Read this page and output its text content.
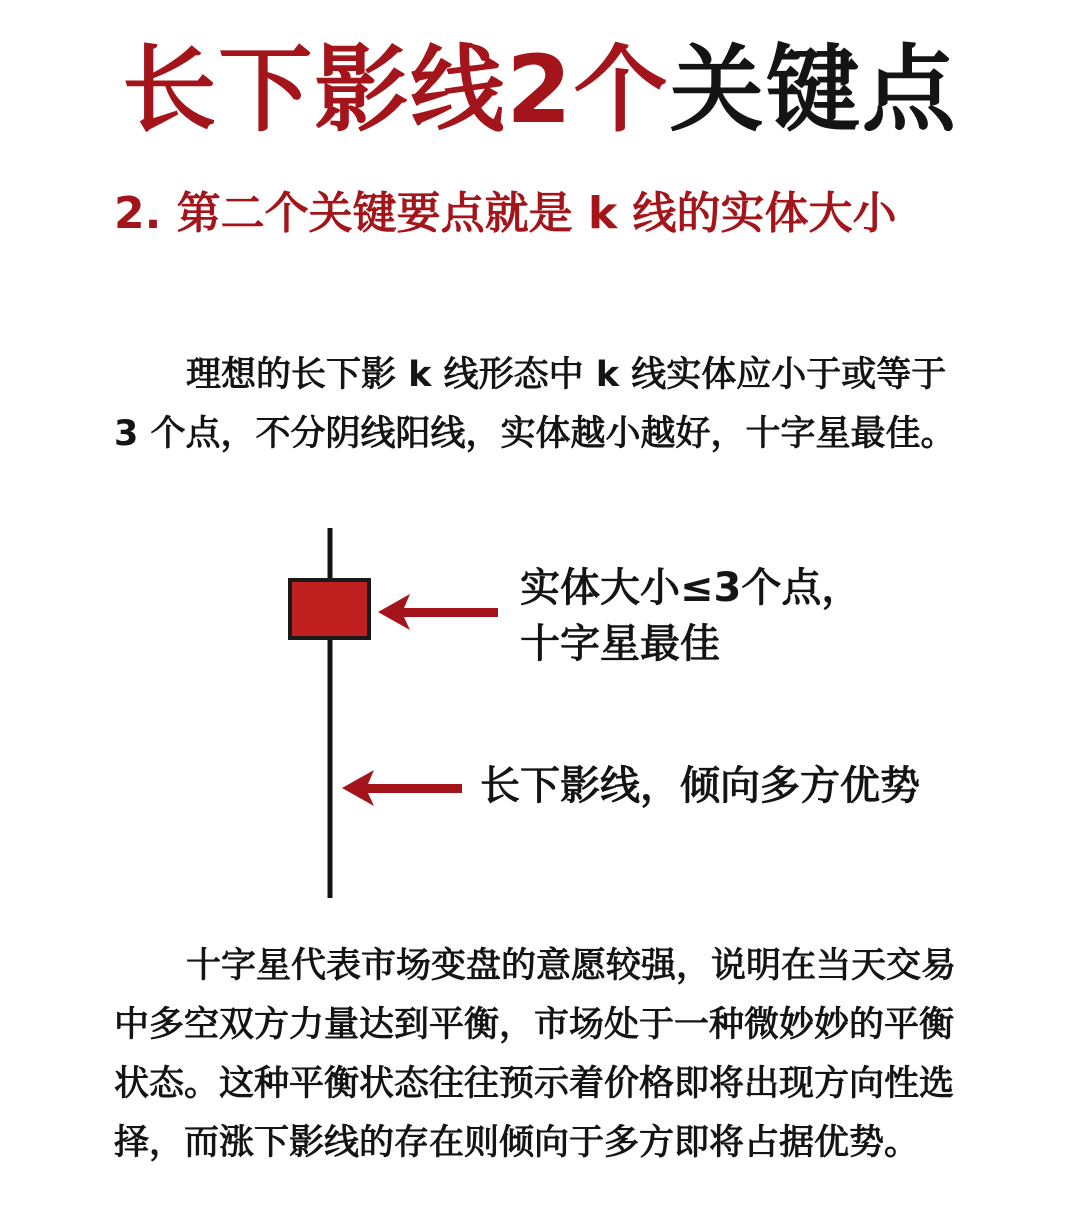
长下影线2个关键点
2. 第二个关键要点就是 k 线的实体大小
理想的长下影 k 线形态中 k 线实体应小于或等于 3 个点，不分阴线阳线，实体越小越好，十字星最佳。
实体大小≤3个点，
十字星最佳
长下影线，倾向多方优势
十字星代表市场变盘的意愿较强，说明在当天交易中多空双方力量达到平衡，市场处于一种微妙妙的平衡状态。这种平衡状态往往预示着价格即将出现方向性选择，而涨下影线的存在则倾向于多方即将占据优势。
